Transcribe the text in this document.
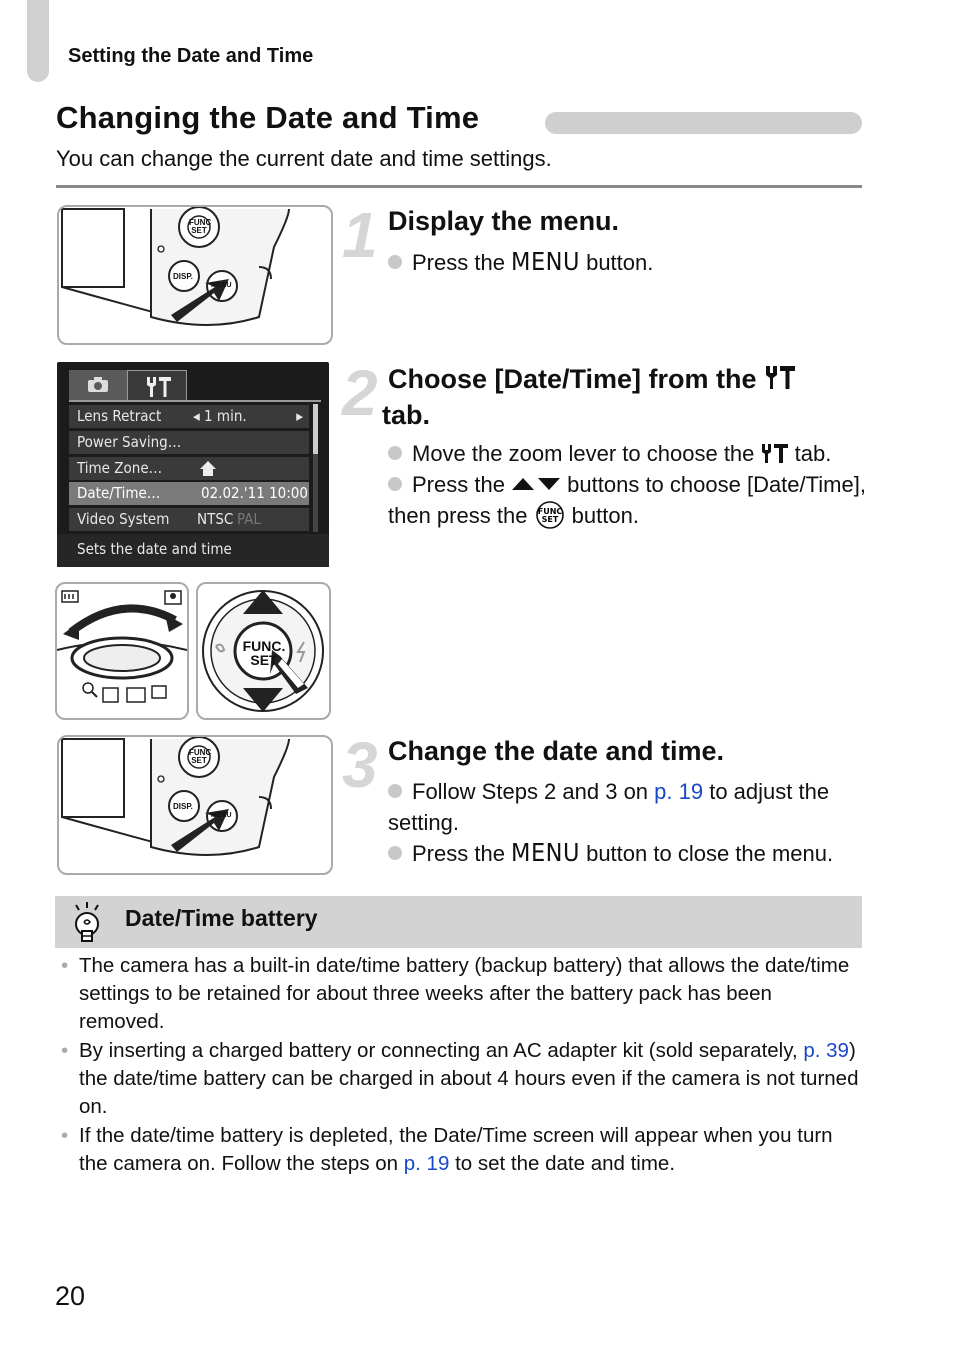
Setting the Date and Time
Changing the Date and Time
You can change the current date and time settings.
FUNC
SET
DISP.
MENU
1 Display the menu.
Press the MENU button.
Lens Retract ◂ 1 min.	▸
Power Saving…
Time Zone…
Date/Time…	02.02.'11 10:00
Video System NTSC PAL
Sets the date and time
FUNC.
SET
2 Choose [Date/Time] from the
tab.
Move the zoom lever to choose the  tab.
Press the  buttons to choose [Date/Time], then press the FUNC
SET button.
FUNC
SET
DISP.
MENU
3 Change the date and time.
Follow Steps 2 and 3 on p. 19 to adjust the setting.
Press the MENU button to close the menu.
Date/Time battery
• The camera has a built-in date/time battery (backup battery) that allows the date/time settings to be retained for about three weeks after the battery pack has been removed.
• By inserting a charged battery or connecting an AC adapter kit (sold separately, p. 39) the date/time battery can be charged in about 4 hours even if the camera is not turned on.
• If the date/time battery is depleted, the Date/Time screen will appear when you turn the camera on. Follow the steps on p. 19 to set the date and time.
20
